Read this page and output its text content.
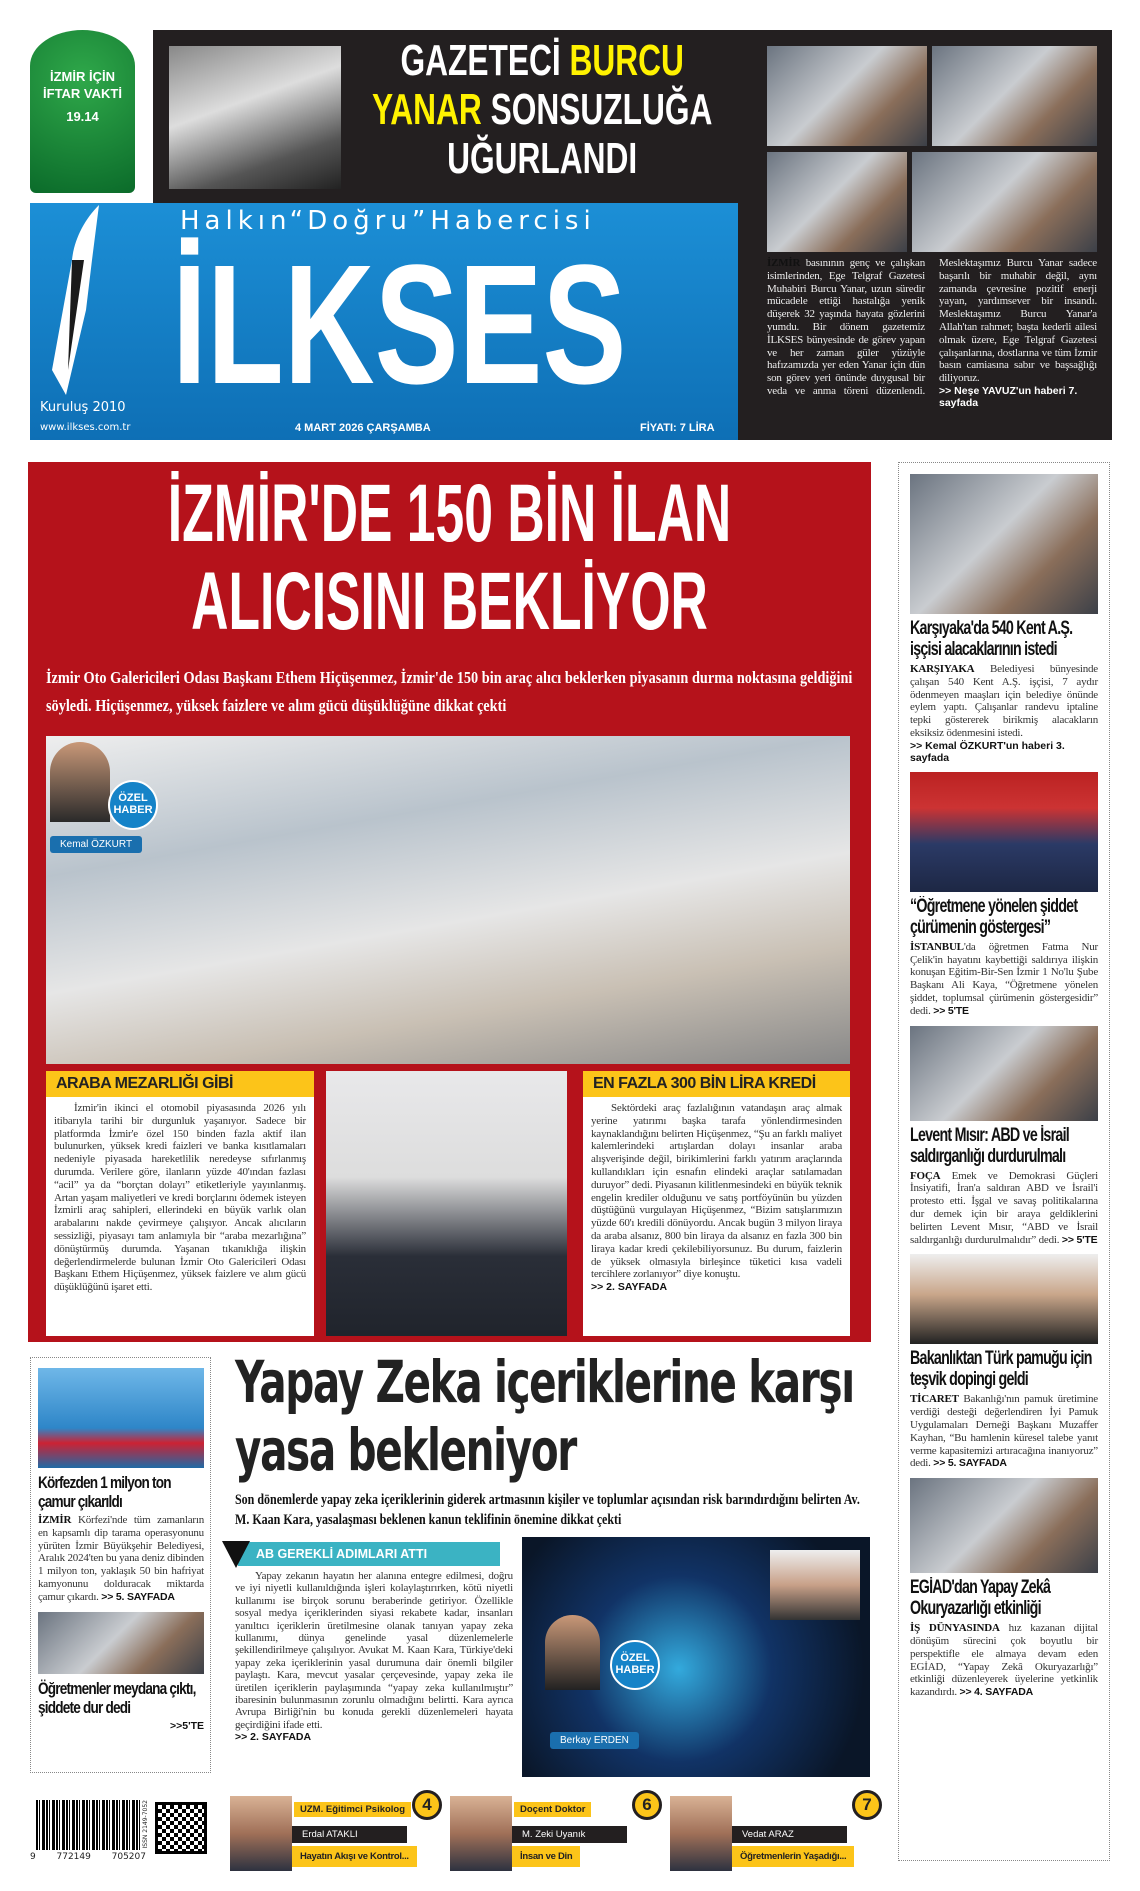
İZMİR İÇİN
İFTAR VAKTİ
19.14
GAZETECİ BURCU
YANAR SONSUZLUĞA
UĞURLANDI

İZMİR basınının genç ve çalışkan isimlerinden, Ege Telgraf Gazetesi Muhabiri Burcu Yanar, uzun süredir mücadele ettiği hastalığa yenik düşerek 32 yaşında hayata gözlerini yumdu. Bir dönem gazetemiz İLKSES bünyesinde de görev yapan ve her zaman güler yüzüyle hafızamızda yer eden Yanar için dün son görev yeri önünde duygusal bir veda ve anma töreni düzenlendi. Meslektaşımız Burcu Yanar sadece başarılı bir muhabir değil, aynı zamanda çevresine pozitif enerji yayan, yardımsever bir insandı. Meslektaşımız Burcu Yanar'a Allah'tan rahmet; başta kederli ailesi olmak üzere, Ege Telgraf Gazetesi çalışanlarına, dostlarına ve tüm İzmir basın camiasına sabır ve başsağlığı diliyoruz.

>> Neşe YAVUZ'un haberi 7. sayfada

Halkın“Doğru”Habercisi
İLKSES
Kuruluş 2010
www.ilkses.com.tr	4 MART 2026 ÇARŞAMBA	FİYATI: 7 LİRA
İZMİR'DE 150 BİN İLAN
ALICISINI BEKLİYOR
İzmir Oto Galericileri Odası Başkanı Ethem Hiçüşenmez, İzmir'de 150 bin araç alıcı beklerken piyasanın durma noktasına geldiğini söyledi. Hiçüşenmez, yüksek faizlere ve alım gücü düşüklüğüne dikkat çekti
ÖZEL HABER
Kemal ÖZKURT
ARABA MEZARLIĞI GİBİ

İzmir'in ikinci el otomobil piyasasında 2026 yılı itibarıyla tarihi bir durgunluk yaşanıyor. Sadece bir platformda İzmir'e özel 150 binden fazla aktif ilan bulunurken, yüksek kredi faizleri ve banka kısıtlamaları nedeniyle piyasada hareketlilik neredeyse sıfırlanmış durumda. Verilere göre, ilanların yüzde 40'ından fazlası “acil” ya da “borçtan dolayı” etiketleriyle yayınlanmış. Artan yaşam maliyetleri ve kredi borçlarını ödemek isteyen İzmirli araç sahipleri, ellerindeki en büyük varlık olan arabalarını nakde çevirmeye çalışıyor. Ancak alıcıların sessizliği, piyasayı tam anlamıyla bir “araba mezarlığına” dönüştürmüş durumda. Yaşanan tıkanıklığa ilişkin değerlendirmelerde bulunan İzmir Oto Galericileri Odası Başkanı Ethem Hiçüşenmez, yüksek faizlere ve alım gücü düşüklüğünü işaret etti.

EN FAZLA 300 BİN LİRA KREDİ

Sektördeki araç fazlalığının vatandaşın araç almak yerine yatırımı başka tarafa yönlendirmesinden kaynaklandığını belirten Hiçüşenmez, “Şu an farklı maliyet kalemlerindeki artışlardan dolayı insanlar araba alışverişinde değil, birikimlerini farklı yatırım araçlarında kullandıkları için esnafın elindeki araçlar satılamadan duruyor” dedi. Piyasanın kilitlenmesindeki en büyük teknik engelin krediler olduğunu ve satış portföyünün bu yüzden düştüğünü vurgulayan Hiçüşenmez, “Bizim satışlarımızın yüzde 60'ı kredili dönüyordu. Ancak bugün 3 milyon liraya da araba alsanız, 800 bin liraya da alsanız en fazla 300 bin liraya kadar kredi çekilebiliyorsunuz. Bu durum, faizlerin de yüksek olmasıyla birleşince tüketici kısa vadeli tercihlere zorlanıyor” diye konuştu.

>> 2. SAYFADA

Karşıyaka'da 540 Kent A.Ş. işçisi alacaklarının istedi

KARŞIYAKA Belediyesi bünyesinde çalışan 540 Kent A.Ş. işçisi, 7 aydır ödenmeyen maaşları için belediye önünde eylem yaptı. Çalışanlar randevu iptaline tepki göstererek birikmiş alacakların eksiksiz ödenmesini istedi.

>> Kemal ÖZKURT'un haberi 3. sayfada

“Öğretmene yönelen şiddet çürümenin göstergesi”

İSTANBUL'da öğretmen Fatma Nur Çelik'in hayatını kaybettiği saldırıya ilişkin konuşan Eğitim-Bir-Sen İzmir 1 No'lu Şube Başkanı Ali Kaya, “Öğretmene yönelen şiddet, toplumsal çürümenin göstergesidir” dedi. >> 5'TE

Levent Mısır: ABD ve İsrail saldırganlığı durdurulmalı

FOÇA Emek ve Demokrasi Güçleri İnsiyatifi, İran'a saldıran ABD ve İsrail'i protesto etti. İşgal ve savaş politikalarına dur demek için bir araya geldiklerini belirten Levent Mısır, “ABD ve İsrail saldırganlığı durdurulmalıdır” dedi. >> 5'TE

Bakanlıktan Türk pamuğu için teşvik dopingi geldi

TİCARET Bakanlığı'nın pamuk üretimine verdiği desteği değerlendiren İyi Pamuk Uygulamaları Derneği Başkanı Muzaffer Kayhan, “Bu hamlenin küresel talebe yanıt verme kapasitemizi artıracağına inanıyoruz” dedi. >> 5. SAYFADA

EGİAD'dan Yapay Zekâ Okuryazarlığı etkinliği

İŞ DÜNYASINDA hız kazanan dijital dönüşüm sürecini çok boyutlu bir perspektifle ele almaya devam eden EGİAD, “Yapay Zekâ Okuryazarlığı” etkinliği düzenleyerek üyelerine yetkinlik kazandırdı. >> 4. SAYFADA

Körfezden 1 milyon ton çamur çıkarıldı

İZMİR Körfezi'nde tüm zamanların en kapsamlı dip tarama operasyonunu yürüten İzmir Büyükşehir Belediyesi, Aralık 2024'ten bu yana deniz dibinden 1 milyon ton, yaklaşık 50 bin hafriyat kamyonunu dolduracak miktarda çamur çıkardı. >> 5. SAYFADA

Öğretmenler meydana çıktı, şiddete dur dedi
>>5'TE
Yapay Zeka içeriklerine karşı yasa bekleniyor
Son dönemlerde yapay zeka içeriklerinin giderek artmasının kişiler ve toplumlar açısından risk barındırdığını belirten Av. M. Kaan Kara, yasalaşması beklenen kanun teklifinin önemine dikkat çekti
AB GEREKLİ ADIMLARI ATTI

Yapay zekanın hayatın her alanına entegre edilmesi, doğru ve iyi niyetli kullanıldığında işleri kolaylaştırırken, kötü niyetli kullanımı ise birçok sorunu beraberinde getiriyor. Özellikle sosyal medya içeriklerinden siyasi rekabete kadar, insanları yanıltıcı içeriklerin üretilmesine olanak tanıyan yapay zeka kullanımı, dünya genelinde yasal düzenlemelerle şekillendirilmeye çalışılıyor. Avukat M. Kaan Kara, Türkiye'deki yapay zeka içeriklerinin yasal durumuna dair önemli bilgiler paylaştı. Kara, mevcut yasalar çerçevesinde, yapay zeka ile üretilen içeriklerin paylaşımında “yapay zeka kullanılmıştır” ibaresinin bulunmasının zorunlu olmadığını belirtti. Kara ayrıca Avrupa Birliği'nin bu konuda gerekli düzenlemeleri hayata geçirdiğini ifade etti.

>> 2. SAYFADA

ÖZEL HABER
Berkay ERDEN
UZM. Eğitimci Psikolog
Erdal ATAKLI
Hayatın Akışı ve Kontrol...
4	Doçent Doktor
M. Zeki Uyanık
İnsan ve Din
6
Vedat ARAZ
Öğretmenlerin Yaşadığı...
7
9 772149 705207
ISSN 2149-7052
